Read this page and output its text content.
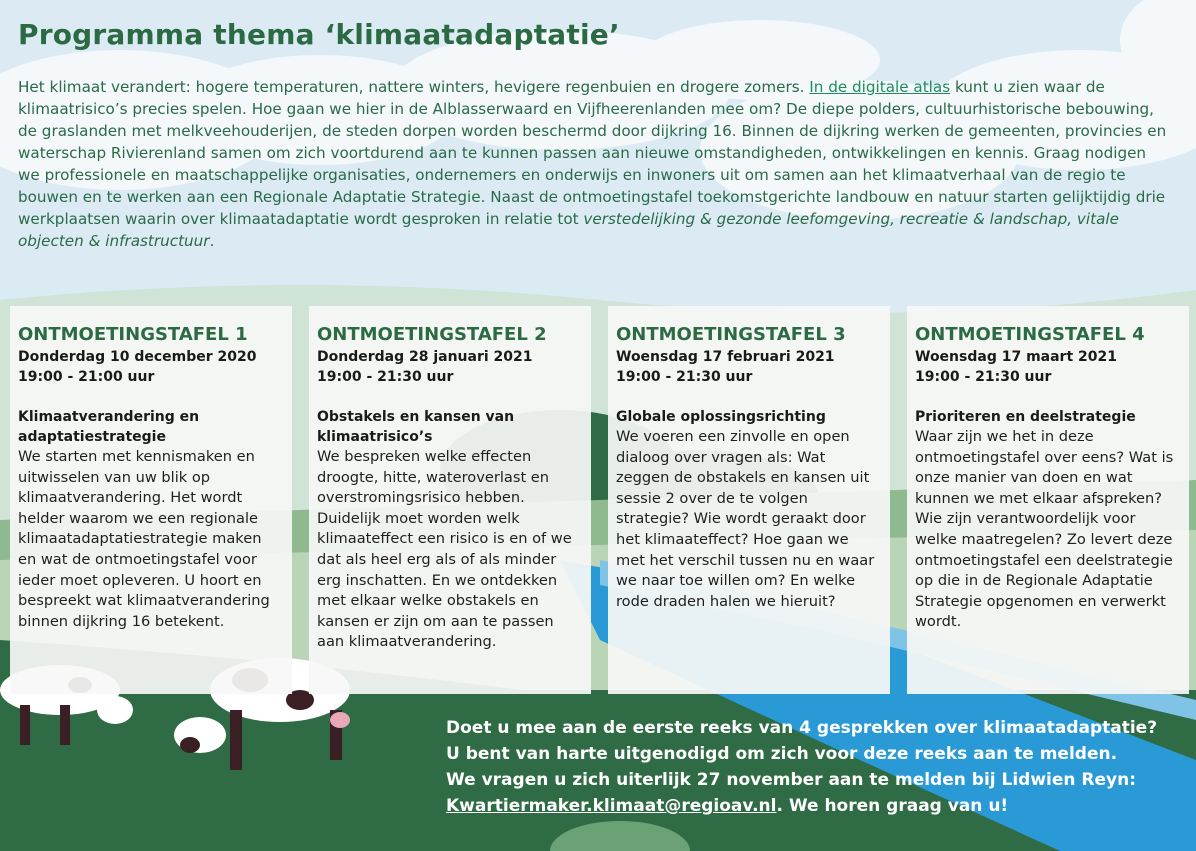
Programma thema ‘klimaatadaptatie’
Het klimaat verandert: hogere temperaturen, nattere winters, hevigere regenbuien en drogere zomers. In de digitale atlas kunt u zien waar de klimaatrisico’s precies spelen. Hoe gaan we hier in de Alblasserwaard en Vijfheerenlanden mee om? De diepe polders, cultuurhistorische bebouwing, de graslanden met melkveehouderijen, de steden dorpen worden beschermd door dijkring 16. Binnen de dijkring werken de gemeenten, provincies en waterschap Rivierenland samen om zich voortdurend aan te kunnen passen aan nieuwe omstandigheden, ontwikkelingen en kennis. Graag nodigen we professionele en maatschappelijke organisaties, ondernemers en onderwijs en inwoners uit om samen aan het klimaatverhaal van de regio te bouwen en te werken aan een Regionale Adaptatie Strategie. Naast de ontmoetingstafel toekomstgerichte landbouw en natuur starten gelijktijdig drie werkplaatsen waarin over klimaatadaptatie wordt gesproken in relatie tot verstedelijking & gezonde leefomgeving, recreatie & landschap, vitale objecten & infrastructuur.
ONTMOETINGSTAFEL 1
Donderdag 10 december 2020
19:00 - 21:00 uur
Klimaatverandering en adaptatiestrategie
We starten met kennismaken en uitwisselen van uw blik op klimaatverandering. Het wordt helder waarom we een regionale klimaatadaptatiestrategie maken en wat de ontmoetingstafel voor ieder moet opleveren. U hoort en bespreekt wat klimaatverandering binnen dijkring 16 betekent.
ONTMOETINGSTAFEL 2
Donderdag 28 januari 2021
19:00 - 21:30 uur
Obstakels en kansen van klimaatrisico’s
We bespreken welke effecten droogte, hitte, wateroverlast en overstromingsrisico hebben. Duidelijk moet worden welk klimaateffect een risico is en of we dat als heel erg als of als minder erg inschatten. En we ontdekken met elkaar welke obstakels en kansen er zijn om aan te passen aan klimaatverandering.
ONTMOETINGSTAFEL 3
Woensdag 17 februari 2021
19:00 - 21:30 uur
Globale oplossingsrichting
We voeren een zinvolle en open dialoog over vragen als: Wat zeggen de obstakels en kansen uit sessie 2 over de te volgen strategie? Wie wordt geraakt door het klimaateffect? Hoe gaan we met het verschil tussen nu en waar we naar toe willen om? En welke rode draden halen we hieruit?
ONTMOETINGSTAFEL 4
Woensdag 17 maart 2021
19:00 - 21:30 uur
Prioriteren en deelstrategie
Waar zijn we het in deze ontmoetingstafel over eens? Wat is onze manier van doen en wat kunnen we met elkaar afspreken? Wie zijn verantwoordelijk voor welke maatregelen? Zo levert deze ontmoetingstafel een deelstrategie op die in de Regionale Adaptatie Strategie opgenomen en verwerkt wordt.
Doet u mee aan de eerste reeks van 4 gesprekken over klimaatadaptatie?
U bent van harte uitgenodigd om zich voor deze reeks aan te melden.
We vragen u zich uiterlijk 27 november aan te melden bij Lidwien Reyn:
Kwartiermaker.klimaat@regioav.nl. We horen graag van u!
